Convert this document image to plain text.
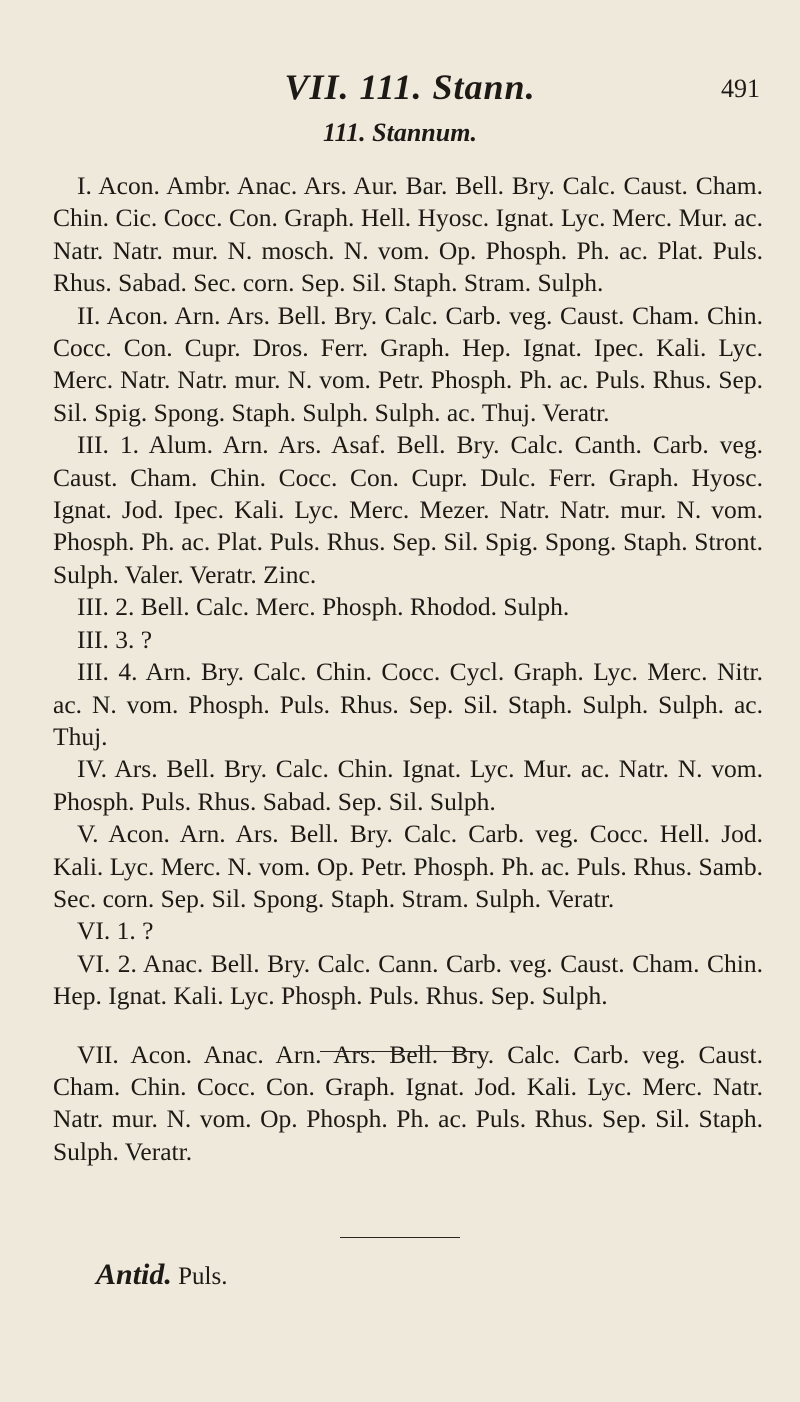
VII. 111. Stann.	491
111. Stannum.

I. Acon. Ambr. Anac. Ars. Aur. Bar. Bell. Bry. Calc. Caust. Cham. Chin. Cic. Cocc. Con. Graph. Hell. Hyosc. Ignat. Lyc. Merc. Mur. ac. Natr. Natr. mur. N. mosch. N. vom. Op. Phosph. Ph. ac. Plat. Puls. Rhus. Sabad. Sec. corn. Sep. Sil. Staph. Stram. Sulph.

II. Acon. Arn. Ars. Bell. Bry. Calc. Carb. veg. Caust. Cham. Chin. Cocc. Con. Cupr. Dros. Ferr. Graph. Hep. Ignat. Ipec. Kali. Lyc. Merc. Natr. Natr. mur. N. vom. Petr. Phosph. Ph. ac. Puls. Rhus. Sep. Sil. Spig. Spong. Staph. Sulph. Sulph. ac. Thuj. Veratr.

III. 1. Alum. Arn. Ars. Asaf. Bell. Bry. Calc. Canth. Carb. veg. Caust. Cham. Chin. Cocc. Con. Cupr. Dulc. Ferr. Graph. Hyosc. Ignat. Jod. Ipec. Kali. Lyc. Merc. Mezer. Natr. Natr. mur. N. vom. Phosph. Ph. ac. Plat. Puls. Rhus. Sep. Sil. Spig. Spong. Staph. Stront. Sulph. Valer. Veratr. Zinc.

III. 2. Bell. Calc. Merc. Phosph. Rhodod. Sulph.

III. 3. ?

III. 4. Arn. Bry. Calc. Chin. Cocc. Cycl. Graph. Lyc. Merc. Nitr. ac. N. vom. Phosph. Puls. Rhus. Sep. Sil. Staph. Sulph. Sulph. ac. Thuj.

IV. Ars. Bell. Bry. Calc. Chin. Ignat. Lyc. Mur. ac. Natr. N. vom. Phosph. Puls. Rhus. Sabad. Sep. Sil. Sulph.

V. Acon. Arn. Ars. Bell. Bry. Calc. Carb. veg. Cocc. Hell. Jod. Kali. Lyc. Merc. N. vom. Op. Petr. Phosph. Ph. ac. Puls. Rhus. Samb. Sec. corn. Sep. Sil. Spong. Staph. Stram. Sulph. Veratr.

VI. 1. ?

VI. 2. Anac. Bell. Bry. Calc. Cann. Carb. veg. Caust. Cham. Chin. Hep. Ignat. Kali. Lyc. Phosph. Puls. Rhus. Sep. Sulph.

VII. Acon. Anac. Arn. Ars. Bell. Bry. Calc. Carb. veg. Caust. Cham. Chin. Cocc. Con. Graph. Ignat. Jod. Kali. Lyc. Merc. Natr. Natr. mur. N. vom. Op. Phosph. Ph. ac. Puls. Rhus. Sep. Sil. Staph. Sulph. Veratr.

Antid. Puls.
